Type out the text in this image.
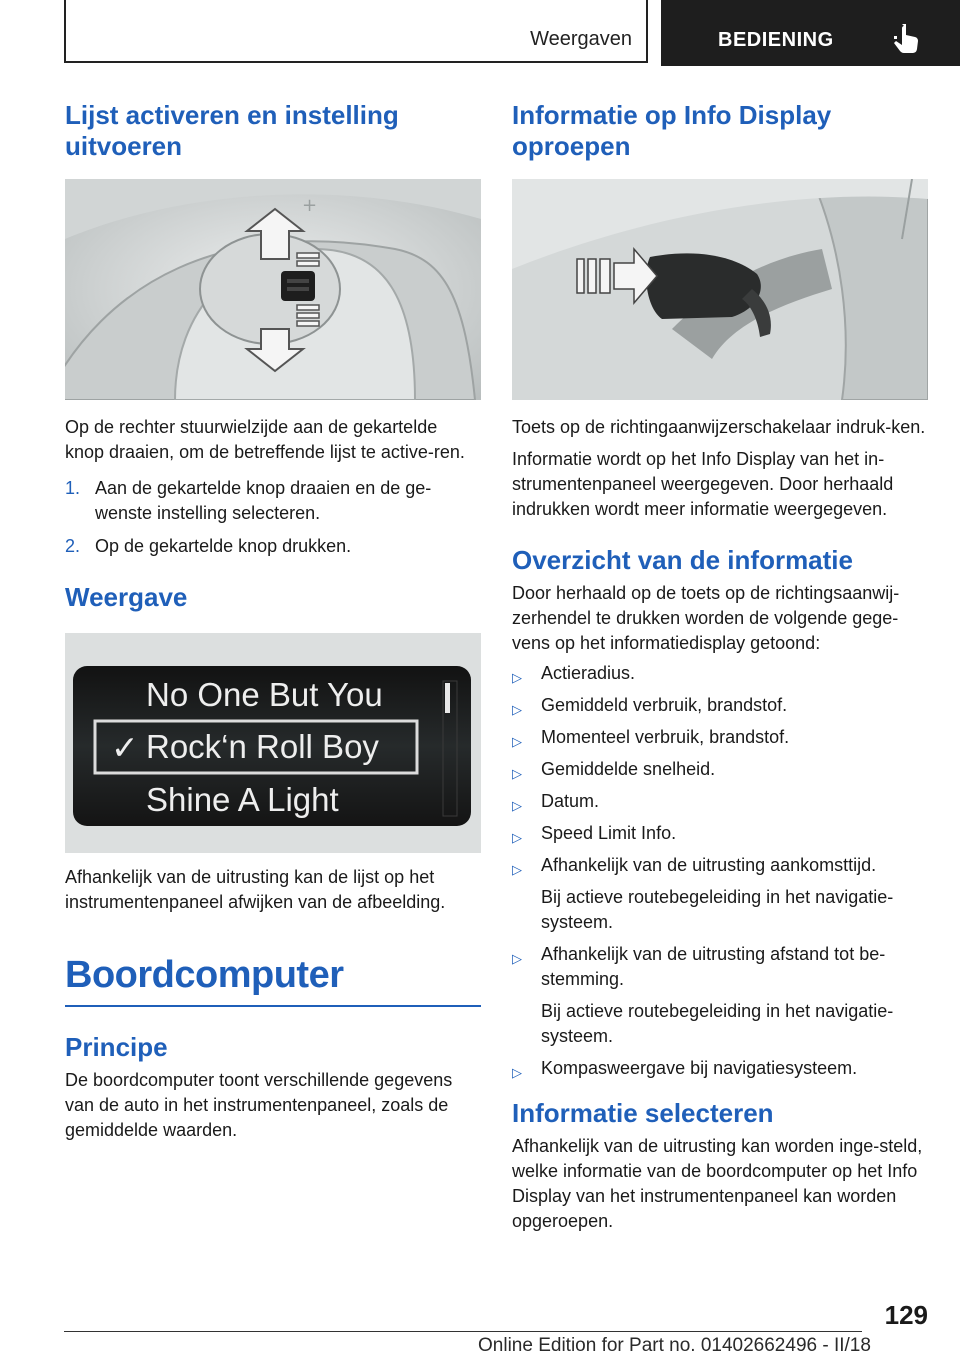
Weergaven	BEDIENING
Lijst activeren en instelling uitvoeren
+

Op de rechter stuurwielzijde aan de gekartelde knop draaien, om de betreffende lijst te active-ren.

1. Aan de gekartelde knop draaien en de ge-wenste instelling selecteren.
2. Op de gekartelde knop drukken.
Weergave
No One But You
✓ Rock‘n Roll Boy
Shine A Light

Afhankelijk van de uitrusting kan de lijst op het instrumentenpaneel afwijken van de afbeelding.

Boordcomputer
Principe

De boordcomputer toont verschillende gegevens van de auto in het instrumentenpaneel, zoals de gemiddelde waarden.

Informatie op Info Display oproepen

Toets op de richtingaanwijzerschakelaar indruk-ken.

Informatie wordt op het Info Display van het in-strumentenpaneel weergegeven. Door herhaald indrukken wordt meer informatie weergegeven.

Overzicht van de informatie

Door herhaald op de toets op de richtingsaanwij-zerhendel te drukken worden de volgende gege-vens op het informatiedisplay getoond:

▷ Actieradius.
▷ Gemiddeld verbruik, brandstof.
▷ Momenteel verbruik, brandstof.
▷ Gemiddelde snelheid.
▷ Datum.
▷ Speed Limit Info.
▷ Afhankelijk van de uitrusting aankomsttijd.
Bij actieve routebegeleiding in het navigatie-systeem.
▷ Afhankelijk van de uitrusting afstand tot be-stemming.
Bij actieve routebegeleiding in het navigatie-systeem.
▷ Kompasweergave bij navigatiesysteem.
Informatie selecteren

Afhankelijk van de uitrusting kan worden inge-steld, welke informatie van de boordcomputer op het Info Display van het instrumentenpaneel kan worden opgeroepen.

129
Online Edition for Part no. 01402662496 - II/18
